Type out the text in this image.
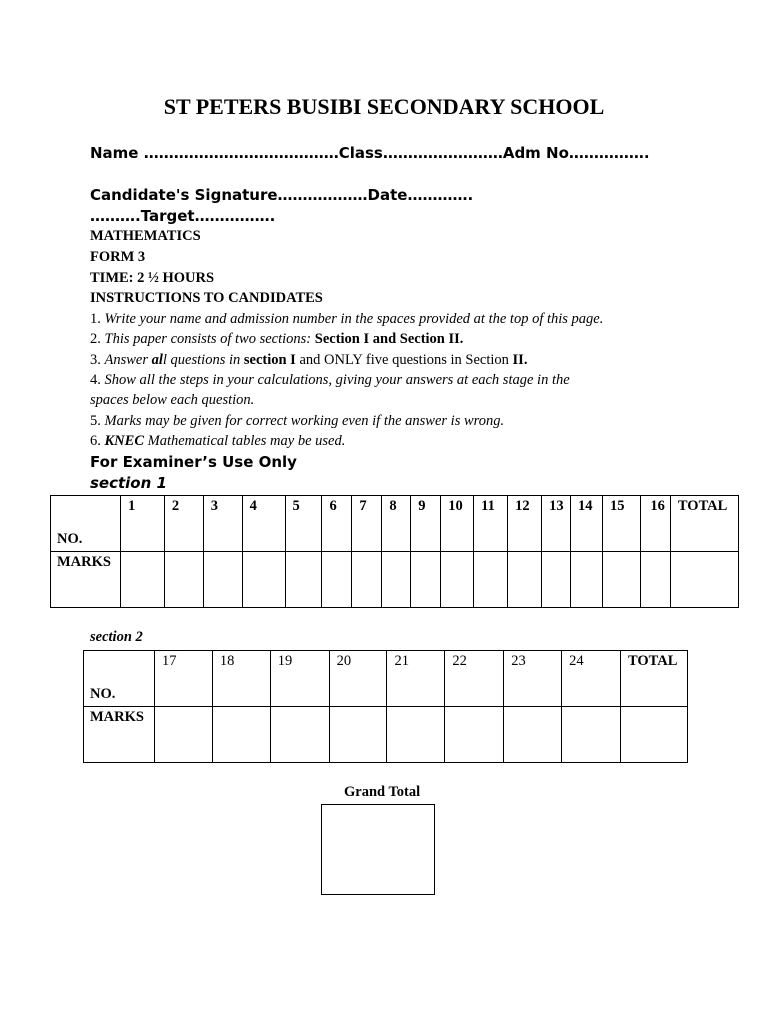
ST PETERS BUSIBI SECONDARY SCHOOL
Name …………………………………Class……………………Adm No…………….
Candidate's Signature………………Date………….
……….Target…………….
MATHEMATICS
FORM 3
TIME: 2 ½ HOURS
INSTRUCTIONS TO CANDIDATES
1. Write your name and admission number in the spaces provided at the top of this page.
2. This paper consists of two sections: Section I and Section II.
3. Answer all questions in section I and ONLY five questions in Section II.
4. Show all the steps in your calculations, giving your answers at each stage in the
spaces below each question.
5. Marks may be given for correct working even if the answer is wrong.
6. KNEC Mathematical tables may be used.
For Examiner’s Use Only
section 1
NO.	1	2	3	4	5	6	7	8	9	10	11	12	13	14	15	16	TOTAL

MARKS																	

section 2
NO.	17	18	19	20	21	22	23	24	TOTAL

MARKS									

Grand Total
